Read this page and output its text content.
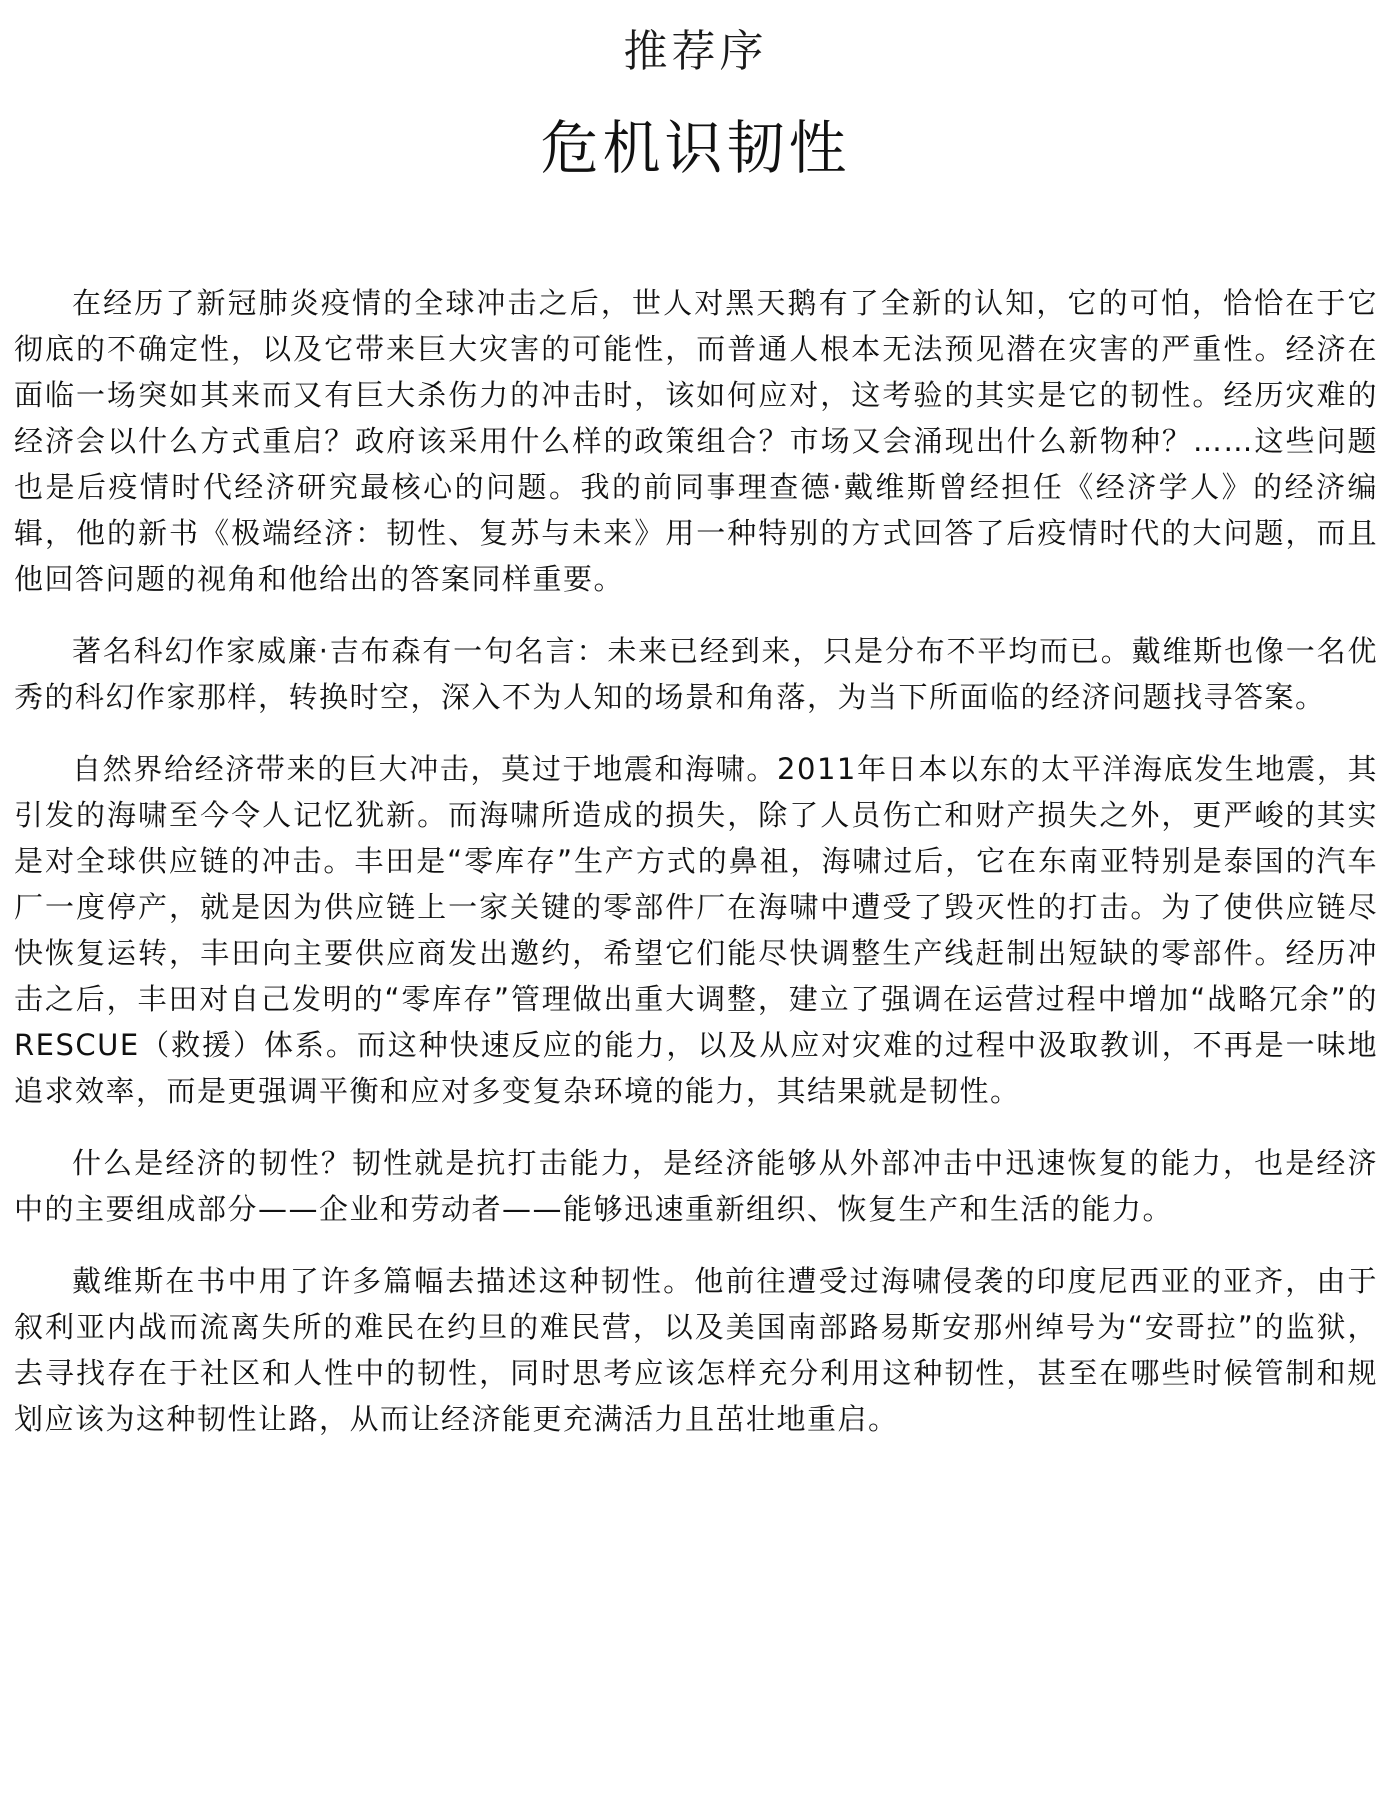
推荐序
危机识韧性

在经历了新冠肺炎疫情的全球冲击之后，世人对黑天鹅有了全新的认知，它的可怕，恰恰在于它彻底的不确定性，以及它带来巨大灾害的可能性，而普通人根本无法预见潜在灾害的严重性。经济在面临一场突如其来而又有巨大杀伤力的冲击时，该如何应对，这考验的其实是它的韧性。经历灾难的经济会以什么方式重启？政府该采用什么样的政策组合？市场又会涌现出什么新物种？……这些问题也是后疫情时代经济研究最核心的问题。我的前同事理查德·戴维斯曾经担任《经济学人》的经济编辑，他的新书《极端经济：韧性、复苏与未来》用一种特别的方式回答了后疫情时代的大问题，而且他回答问题的视角和他给出的答案同样重要。

著名科幻作家威廉·吉布森有一句名言：未来已经到来，只是分布不平均而已。戴维斯也像一名优秀的科幻作家那样，转换时空，深入不为人知的场景和角落，为当下所面临的经济问题找寻答案。

自然界给经济带来的巨大冲击，莫过于地震和海啸。2011年日本以东的太平洋海底发生地震，其引发的海啸至今令人记忆犹新。而海啸所造成的损失，除了人员伤亡和财产损失之外，更严峻的其实是对全球供应链的冲击。丰田是“零库存”生产方式的鼻祖，海啸过后，它在东南亚特别是泰国的汽车厂一度停产，就是因为供应链上一家关键的零部件厂在海啸中遭受了毁灭性的打击。为了使供应链尽快恢复运转，丰田向主要供应商发出邀约，希望它们能尽快调整生产线赶制出短缺的零部件。经历冲击之后，丰田对自己发明的“零库存”管理做出重大调整，建立了强调在运营过程中增加“战略冗余”的RESCUE（救援）体系。而这种快速反应的能力，以及从应对灾难的过程中汲取教训，不再是一味地追求效率，而是更强调平衡和应对多变复杂环境的能力，其结果就是韧性。

什么是经济的韧性？韧性就是抗打击能力，是经济能够从外部冲击中迅速恢复的能力，也是经济中的主要组成部分——企业和劳动者——能够迅速重新组织、恢复生产和生活的能力。

戴维斯在书中用了许多篇幅去描述这种韧性。他前往遭受过海啸侵袭的印度尼西亚的亚齐，由于叙利亚内战而流离失所的难民在约旦的难民营，以及美国南部路易斯安那州绰号为“安哥拉”的监狱，去寻找存在于社区和人性中的韧性，同时思考应该怎样充分利用这种韧性，甚至在哪些时候管制和规划应该为这种韧性让路，从而让经济能更充满活力且茁壮地重启。
